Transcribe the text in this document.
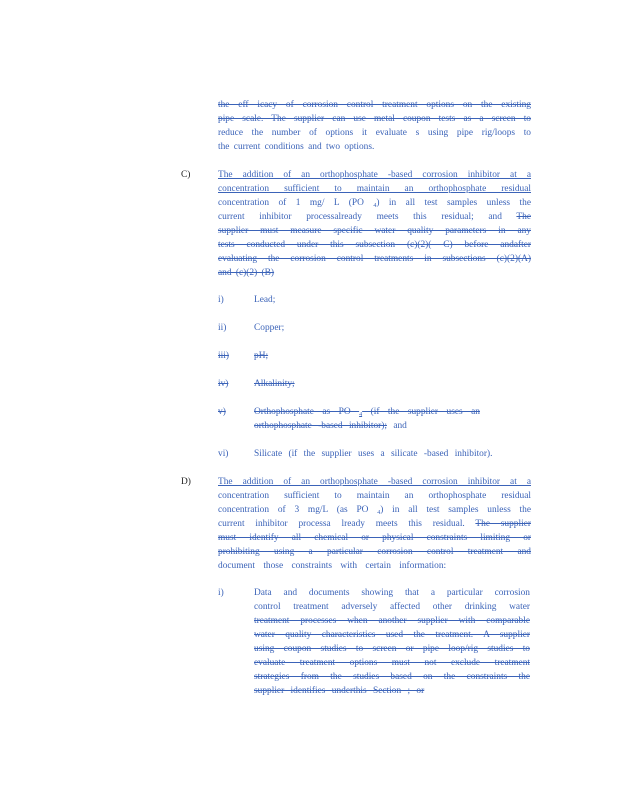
the eff icacy of corrosion control treatment options on the existing
pipe scale. The supplier can use metal coupon tests as a screen to
reduce the number of options it evaluate s using pipe rig/loops to
the current conditions and two options.
C)	The addition of an orthophosphate -based corrosion inhibitor at a
concentration sufficient to maintain an orthophosphate residual
concentration of 1 mg/ L (PO $_4$) in all test samples unless the
current inhibitor processalready meets this residual; and The
supplier must measure specific water quality parameters in any
tests conducted under this subsection (c)(2)( C) before andafter
evaluating the corrosion control treatments in subsections (c)(2)(A)
and (c)(2) (B)
i)	Lead;
ii)	Copper;
iii)	pH;
iv)	Alkalinity;
v)	Orthophosphate as PO $_4$ (if the supplier uses an
orthophosphate -based inhibitor); and
vi)	Silicate (if the supplier uses a silicate -based inhibitor).
D)	The addition of an orthophosphate -based corrosion inhibitor at a
concentration sufficient to maintain an orthophosphate residual
concentration of 3 mg/L (as PO $_4$) in all test samples unless the
current inhibitor processa lready meets this residual. The supplier
must identify all chemical or physical constraints limiting or
prohibiting using a particular corrosion control treatment and
document those constraints with certain information:
i)	Data and documents showing that a particular corrosion
control treatment adversely affected other drinking water
treatment processes when another supplier with comparable
water quality characteristics used the treatment. A supplier
using coupon studies to screen or pipe loop/rig studies to
evaluate treatment options must not exclude treatment
strategies from the studies based on the constraints the
supplier identifies underthis Section ; or
